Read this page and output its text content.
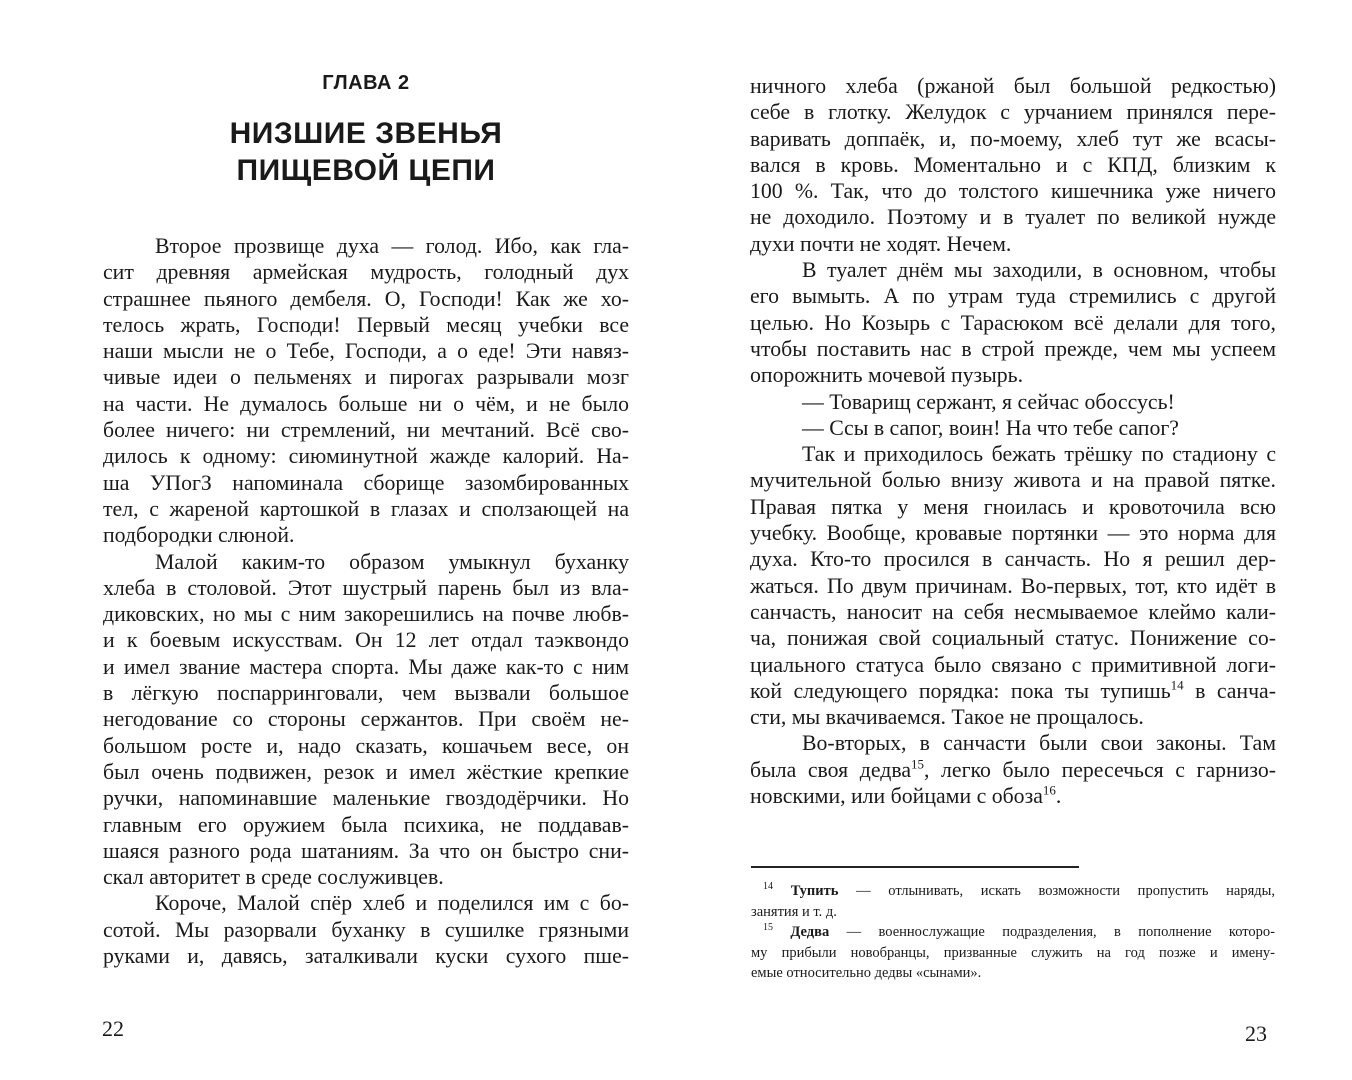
ГЛАВА 2
НИЗШИЕ ЗВЕНЬЯ
ПИЩЕВОЙ ЦЕПИ
Второе прозвище духа — голод. Ибо, как гла-
сит древняя армейская мудрость, голодный дух
страшнее пьяного дембеля. О, Господи! Как же хо-
телось жрать, Господи! Первый месяц учебки все
наши мысли не о Тебе, Господи, а о еде! Эти навяз-
чивые идеи о пельменях и пирогах разрывали мозг
на части. Не думалось больше ни о чём, и не было
более ничего: ни стремлений, ни мечтаний. Всё сво-
дилось к одному: сиюминутной жажде калорий. На-
ша УПогЗ напоминала сборище зазомбированных
тел, с жареной картошкой в глазах и сползающей на
подбородки слюной.
Малой каким-то образом умыкнул буханку
хлеба в столовой. Этот шустрый парень был из вла-
диковских, но мы с ним закорешились на почве любв-
и к боевым искусствам. Он 12 лет отдал таэквондо
и имел звание мастера спорта. Мы даже как-то с ним
в лёгкую поспарринговали, чем вызвали большое
негодование со стороны сержантов. При своём не-
большом росте и, надо сказать, кошачьем весе, он
был очень подвижен, резок и имел жёсткие крепкие
ручки, напоминавшие маленькие гвоздодёрчики. Но
главным его оружием была психика, не поддавав-
шаяся разного рода шатаниям. За что он быстро сни-
скал авторитет в среде сослуживцев.
Короче, Малой спёр хлеб и поделился им с бо-
сотой. Мы разорвали буханку в сушилке грязными
руками и, давясь, заталкивали куски сухого пше-
22
ничного хлеба (ржаной был большой редкостью)
себе в глотку. Желудок с урчанием принялся пере-
варивать доппаёк, и, по-моему, хлеб тут же всасы-
вался в кровь. Моментально и с КПД, близким к
100 %. Так, что до толстого кишечника уже ничего
не доходило. Поэтому и в туалет по великой нужде
духи почти не ходят. Нечем.
В туалет днём мы заходили, в основном, чтобы
его вымыть. А по утрам туда стремились с другой
целью. Но Козырь с Тарасюком всё делали для того,
чтобы поставить нас в строй прежде, чем мы успеем
опорожнить мочевой пузырь.
— Товарищ сержант, я сейчас обоссусь!
— Ссы в сапог, воин! На что тебе сапог?
Так и приходилось бежать трёшку по стадиону с
мучительной болью внизу живота и на правой пятке.
Правая пятка у меня гноилась и кровоточила всю
учебку. Вообще, кровавые портянки — это норма для
духа. Кто-то просился в санчасть. Но я решил дер-
жаться. По двум причинам. Во-первых, тот, кто идёт в
санчасть, наносит на себя несмываемое клеймо кали-
ча, понижая свой социальный статус. Понижение со-
циального статуса было связано с примитивной логи-
кой следующего порядка: пока ты тупишь$^{14}$ в санча-
сти, мы вкачиваемся. Такое не прощалось.
Во-вторых, в санчасти были свои законы. Там
была своя дедва$^{15}$, легко было пересечься с гарнизо-
новскими, или бойцами с обоза$^{16}$.
$^{14}$ Тупить — отлынивать, искать возможности пропустить наряды,
занятия и т. д.
$^{15}$ Дедва — военнослужащие подразделения, в пополнение которо-
му прибыли новобранцы, призванные служить на год позже и имену-
емые относительно дедвы «сынами».
23
